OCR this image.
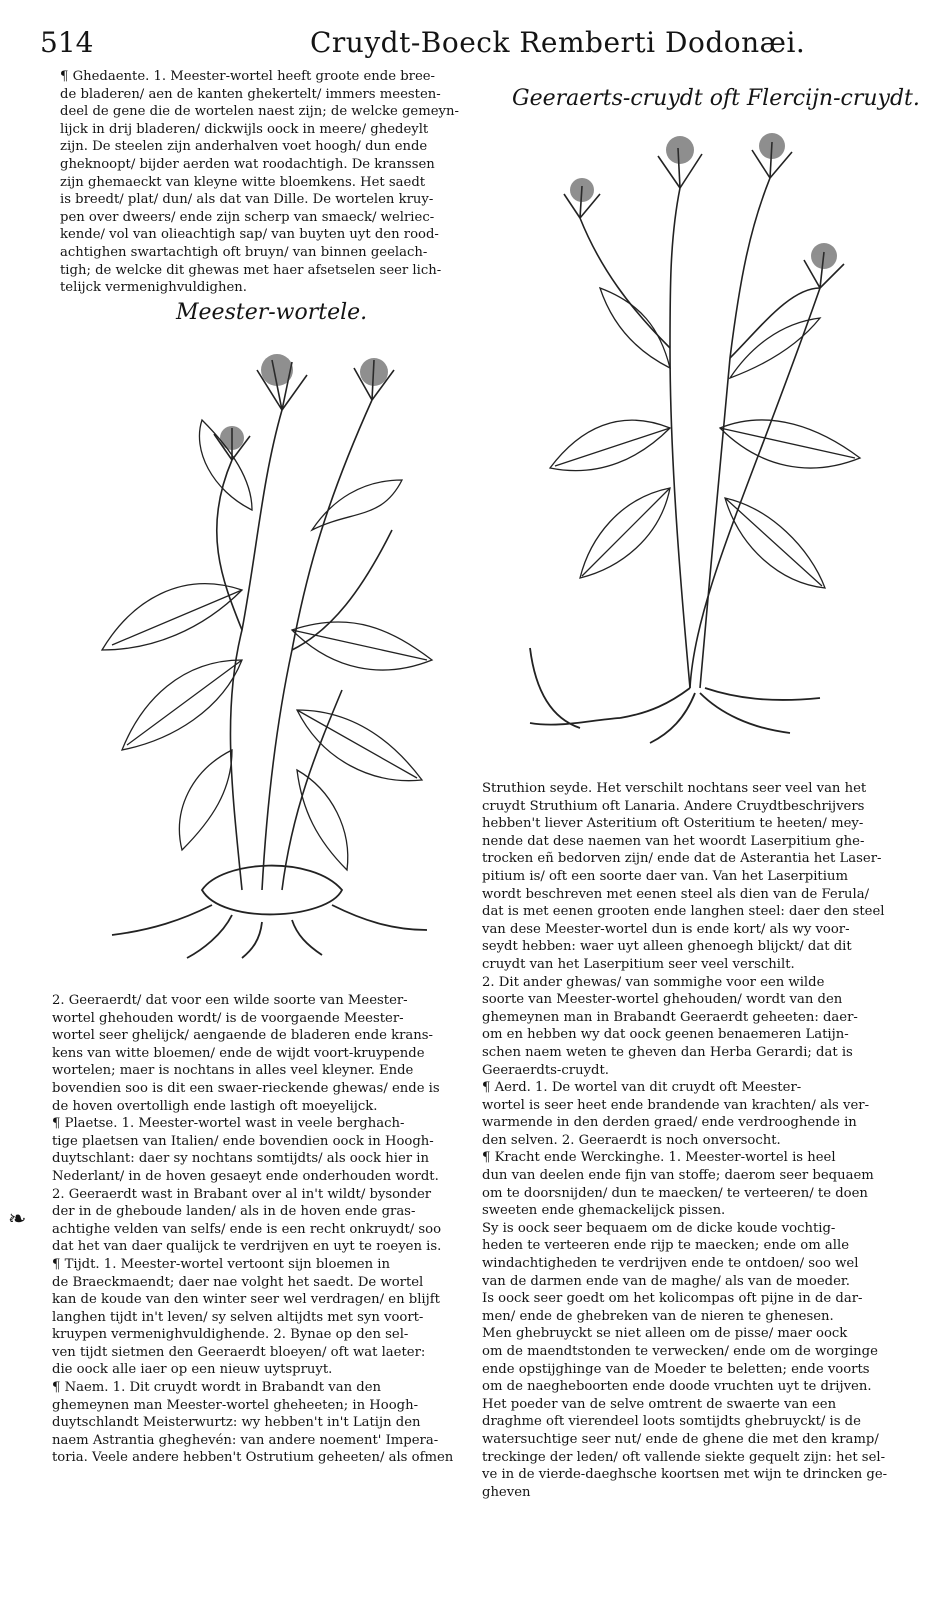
514	Cruydt-Boeck Remberti Dodonæi.
¶ Ghedaente. 1. Meester-wortel heeft groote ende bree-
de bladeren/ aen de kanten ghekertelt/ immers meesten-
deel de gene die de wortelen naest zijn; de welcke gemeyn-
lijck in drij bladeren/ dickwijls oock in meere/ ghedeylt
zijn. De steelen zijn anderhalven voet hoogh/ dun ende
gheknoopt/ bijder aerden wat roodachtigh. De kranssen
zijn ghemaeckt van kleyne witte bloemkens. Het saedt
is breedt/ plat/ dun/ als dat van Dille. De wortelen kruy-
pen over dweers/ ende zijn scherp van smaeck/ welriec-
kende/ vol van olieachtigh sap/ van buyten uyt den rood-
achtighen swartachtigh oft bruyn/ van binnen geelach-
tigh; de welcke dit ghewas met haer afsetselen seer lich-
telijck vermenighvuldighen.
Meester-wortele.
Geeraerts-cruydt oft Flercijn-cruydt.
2. Geeraerdt/ dat voor een wilde soorte van Meester-
wortel ghehouden wordt/ is de voorgaende Meester-
wortel seer ghelijck/ aengaende de bladeren ende krans-
kens van witte bloemen/ ende de wijdt voort-kruypende
wortelen; maer is nochtans in alles veel kleyner. Ende
bovendien soo is dit een swaer-rieckende ghewas/ ende is
de hoven overtolligh ende lastigh oft moeyelijck.
¶ Plaetse. 1. Meester-wortel wast in veele berghach-
tige plaetsen van Italien/ ende bovendien oock in Hoogh-
duytschlant: daer sy nochtans somtijdts/ als oock hier in
Nederlant/ in de hoven gesaeyt ende onderhouden wordt.
2. Geeraerdt wast in Brabant over al in't wildt/ bysonder
der in de gheboude landen/ als in de hoven ende gras-
achtighe velden van selfs/ ende is een recht onkruydt/ soo
dat het van daer qualijck te verdrijven en uyt te roeyen is.
¶ Tijdt. 1. Meester-wortel vertoont sijn bloemen in
de Braeckmaendt; daer nae volght het saedt. De wortel
kan de koude van den winter seer wel verdragen/ en blijft
langhen tijdt in't leven/ sy selven altijdts met syn voort-
kruypen vermenighvuldighende. 2. Bynae op den sel-
ven tijdt sietmen den Geeraerdt bloeyen/ oft wat laeter:
die oock alle iaer op een nieuw uytspruyt.
¶ Naem. 1. Dit cruydt wordt in Brabandt van den
ghemeynen man Meester-wortel gheheeten; in Hoogh-
duytschlandt Meisterwurtz: wy hebben't in't Latijn den
naem Astrantia gheghevén: van andere noement' Impera-
toria. Veele andere hebben't Ostrutium geheeten/ als ofmen
Struthion seyde. Het verschilt nochtans seer veel van het
cruydt Struthium oft Lanaria. Andere Cruydtbeschrijvers
hebben't liever Asteritium oft Osteritium te heeten/ mey-
nende dat dese naemen van het woordt Laserpitium ghe-
trocken eñ bedorven zijn/ ende dat de Asterantia het Laser-
pitium is/ oft een soorte daer van. Van het Laserpitium
wordt beschreven met eenen steel als dien van de Ferula/
dat is met eenen grooten ende langhen steel: daer den steel
van dese Meester-wortel dun is ende kort/ als wy voor-
seydt hebben: waer uyt alleen ghenoegh blijckt/ dat dit
cruydt van het Laserpitium seer veel verschilt.
2. Dit ander ghewas/ van sommighe voor een wilde
soorte van Meester-wortel ghehouden/ wordt van den
ghemeynen man in Brabandt Geeraerdt geheeten: daer-
om en hebben wy dat oock geenen benaemeren Latijn-
schen naem weten te gheven dan Herba Gerardi; dat is
Geeraerdts-cruydt.
¶ Aerd. 1. De wortel van dit cruydt oft Meester-
wortel is seer heet ende brandende van krachten/ als ver-
warmende in den derden graed/ ende verdrooghende in
den selven. 2. Geeraerdt is noch onversocht.
¶ Kracht ende Werckinghe. 1. Meester-wortel is heel
dun van deelen ende fijn van stoffe; daerom seer bequaem
om te doorsnijden/ dun te maecken/ te verteeren/ te doen
sweeten ende ghemackelijck pissen.
Sy is oock seer bequaem om de dicke koude vochtig-
heden te verteeren ende rijp te maecken; ende om alle
windachtigheden te verdrijven ende te ontdoen/ soo wel
van de darmen ende van de maghe/ als van de moeder.
Is oock seer goedt om het kolicompas oft pijne in de dar-
men/ ende de ghebreken van de nieren te ghenesen.
Men ghebruyckt se niet alleen om de pisse/ maer oock
om de maendtstonden te verwecken/ ende om de worginge
ende opstijghinge van de Moeder te beletten; ende voorts
om de naegheboorten ende doode vruchten uyt te drijven.
Het poeder van de selve omtrent de swaerte van een
draghme oft vierendeel loots somtijdts ghebruyckt/ is de
watersuchtige seer nut/ ende de ghene die met den kramp/
treckinge der leden/ oft vallende siekte gequelt zijn: het sel-
ve in de vierde-daeghsche koortsen met wijn te drincken ge-
gheven
❧
